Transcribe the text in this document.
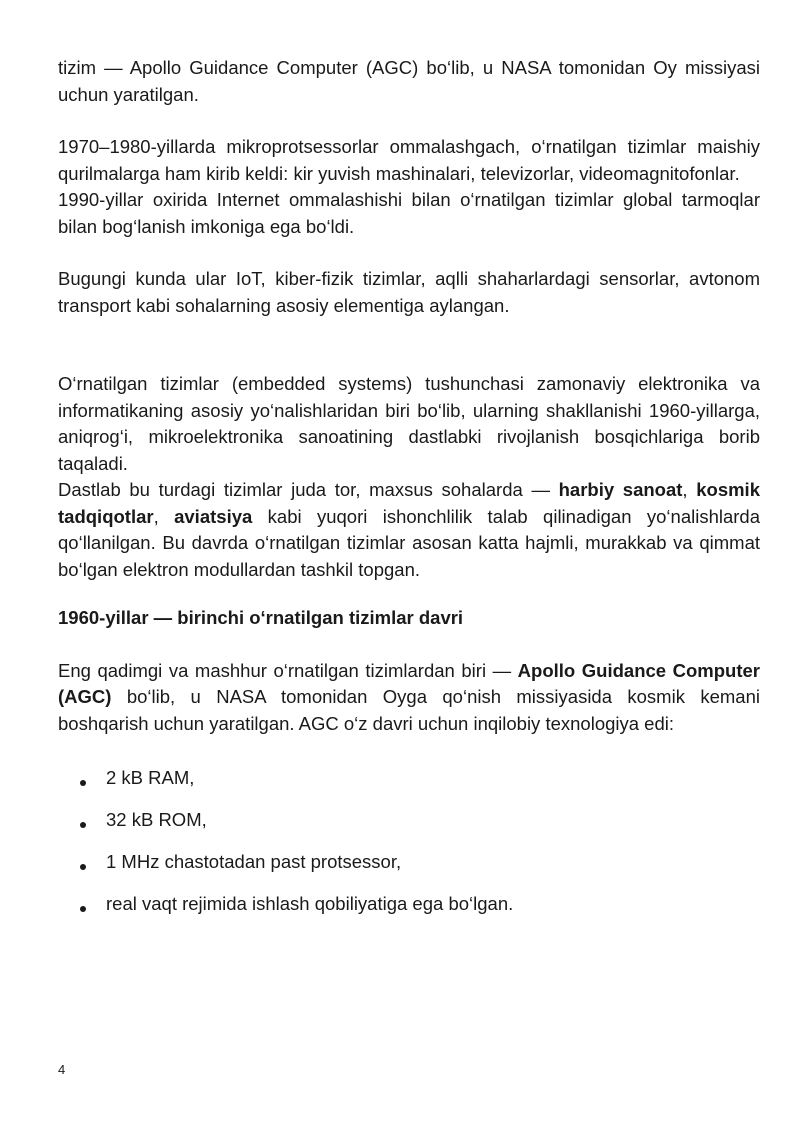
tizim — Apollo Guidance Computer (AGC) bo‘lib, u NASA tomonidan Oy missiyasi uchun yaratilgan.

1970–1980-yillarda mikroprotsessorlar ommalashgach, o‘rnatilgan tizimlar maishiy qurilmalarga ham kirib keldi: kir yuvish mashinalari, televizorlar, videomagnitofonlar.

1990-yillar oxirida Internet ommalashishi bilan o‘rnatilgan tizimlar global tarmoqlar bilan bog‘lanish imkoniga ega bo‘ldi.

Bugungi kunda ular IoT, kiber-fizik tizimlar, aqlli shaharlardagi sensorlar, avtonom transport kabi sohalarning asosiy elementiga aylangan.

O‘rnatilgan tizimlar (embedded systems) tushunchasi zamonaviy elektronika va informatikaning asosiy yo‘nalishlaridan biri bo‘lib, ularning shakllanishi 1960-yillarga, aniqrog‘i, mikroelektronika sanoatining dastlabki rivojlanish bosqichlariga borib taqaladi.

Dastlab bu turdagi tizimlar juda tor, maxsus sohalarda — harbiy sanoat, kosmik tadqiqotlar, aviatsiya kabi yuqori ishonchlilik talab qilinadigan yo‘nalishlarda qo‘llanilgan. Bu davrda o‘rnatilgan tizimlar asosan katta hajmli, murakkab va qimmat bo‘lgan elektron modullardan tashkil topgan.

1960-yillar — birinchi o‘rnatilgan tizimlar davri

Eng qadimgi va mashhur o‘rnatilgan tizimlardan biri — Apollo Guidance Computer (AGC) bo‘lib, u NASA tomonidan Oyga qo‘nish missiyasida kosmik kemani boshqarish uchun yaratilgan. AGC o‘z davri uchun inqilobiy texnologiya edi:

2 kB RAM,
32 kB ROM,
1 MHz chastotadan past protsessor,
real vaqt rejimida ishlash qobiliyatiga ega bo‘lgan.
4
